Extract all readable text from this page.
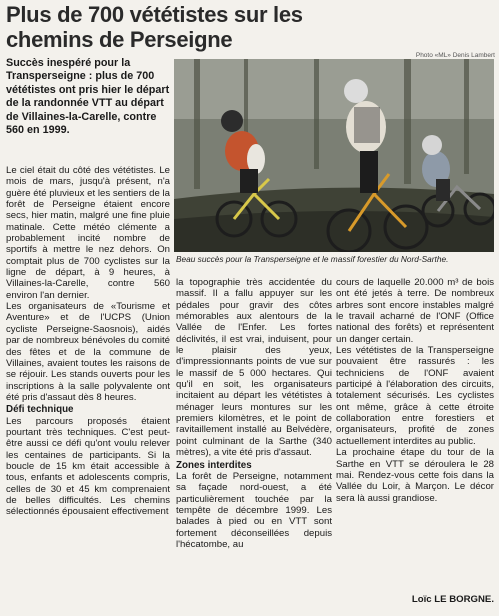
Plus de 700 vététistes sur les chemins de Perseigne
Photo «ML» Denis Lambert
Beau succès pour la Transperseigne et le massif forestier du Nord-Sarthe.
Succès inespéré pour la Transperseigne : plus de 700 vététistes ont pris hier le départ de la randonnée VTT au départ de Villaines-la-Carelle, contre 560 en 1999.

Le ciel était du côté des vététistes. Le mois de mars, jusqu'à présent, n'a guère été pluvieux et les sentiers de la forêt de Perseigne étaient encore secs, hier matin, malgré une fine pluie matinale. Cette météo clémente a probablement incité nombre de sportifs à mettre le nez dehors. On comptait plus de 700 cyclistes sur la ligne de départ, à 9 heures, à Villaines-la-Carelle, contre 560 environ l'an dernier.

Les organisateurs de «Tourisme et Aventure» et de l'UCPS (Union cycliste Perseigne-Saosnois), aidés par de nombreux bénévoles du comité des fêtes et de la commune de Villaines, avaient toutes les raisons de se réjouir. Les stands ouverts pour les inscriptions à la salle polyvalente ont été pris d'assaut dès 8 heures.

Défi technique

Les parcours proposés étaient pourtant très techniques. C'est peut-être aussi ce défi qu'ont voulu relever les centaines de participants. Si la boucle de 15 km était accessible à tous, enfants et adolescents compris, celles de 30 et 45 km comprenaient de belles difficultés. Les chemins sélectionnés épousaient effectivement

la topographie très accidentée du massif. Il a fallu appuyer sur les pédales pour gravir des côtes mémorables aux alentours de la Vallée de l'Enfer. Les fortes déclivités, il est vrai, induisent, pour le plaisir des yeux, d'impressionnants points de vue sur le massif de 5 000 hectares. Qui qu'il en soit, les organisateurs incitaient au départ les vététistes à ménager leurs montures sur les premiers kilomètres, et le point de ravitaillement installé au Belvédère, point culminant de la Sarthe (340 mètres), a vite été pris d'assaut.

Zones interdites

La forêt de Perseigne, notamment sa façade nord-ouest, a été particulièrement touchée par la tempête de décembre 1999. Les balades à pied ou en VTT sont fortement déconseillées depuis l'hécatombe, au

cours de laquelle 20.000 m³ de bois ont été jetés à terre. De nombreux arbres sont encore instables malgré le travail acharné de l'ONF (Office national des forêts) et représentent un danger certain.

Les vététistes de la Transperseigne pouvaient être rassurés : les techniciens de l'ONF avaient participé à l'élaboration des circuits, totalement sécurisés. Les cyclistes ont même, grâce à cette étroite collaboration entre forestiers et organisateurs, profité de zones actuellement interdites au public.

La prochaine étape du tour de la Sarthe en VTT se déroulera le 28 mai. Rendez-vous cette fois dans la Vallée du Loir, à Marçon. Le décor sera là aussi grandiose.

Loïc LE BORGNE.
